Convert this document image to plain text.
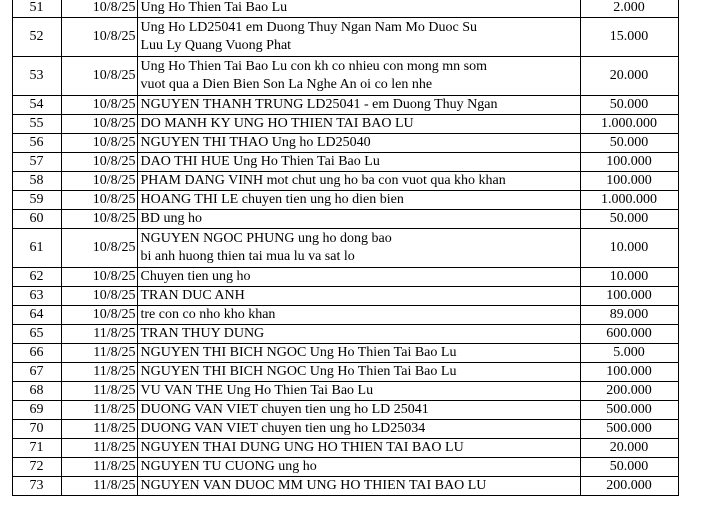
	51	10/8/25	Ung Ho Thien Tai Bao Lu	2.000	
	52	10/8/25	Ung Ho LD25041 em Duong Thuy Ngan Nam Mo Duoc Su
Luu Ly Quang Vuong Phat	15.000	
	53	10/8/25	Ung Ho Thien Tai Bao Lu con kh co nhieu con mong mn som
vuot qua a Dien Bien Son La Nghe An oi co len nhe	20.000	
	54	10/8/25	NGUYEN THANH TRUNG LD25041 - em Duong Thuy Ngan	50.000	
	55	10/8/25	DO MANH KY UNG HO THIEN TAI BAO LU	1.000.000	
	56	10/8/25	NGUYEN THI THAO Ung ho LD25040	50.000	
	57	10/8/25	DAO THI HUE Ung Ho Thien Tai Bao Lu	100.000	
	58	10/8/25	PHAM DANG VINH mot chut ung ho ba con vuot qua kho khan	100.000	
	59	10/8/25	HOANG THI LE chuyen tien ung ho dien bien	1.000.000	
	60	10/8/25	BD ung ho	50.000	
	61	10/8/25	NGUYEN NGOC PHUNG ung ho dong bao
bi anh huong thien tai mua lu va sat lo	10.000	
	62	10/8/25	Chuyen tien ung ho	10.000	
	63	10/8/25	TRAN DUC ANH	100.000	
	64	10/8/25	tre con co nho kho khan	89.000	
	65	11/8/25	TRAN THUY DUNG	600.000	
	66	11/8/25	NGUYEN THI BICH NGOC Ung Ho Thien Tai Bao Lu	5.000	
	67	11/8/25	NGUYEN THI BICH NGOC Ung Ho Thien Tai Bao Lu	100.000	
	68	11/8/25	VU VAN THE Ung Ho Thien Tai Bao Lu	200.000	
	69	11/8/25	DUONG VAN VIET chuyen tien ung ho LD 25041	500.000	
	70	11/8/25	DUONG VAN VIET chuyen tien ung ho LD25034	500.000	
	71	11/8/25	NGUYEN THAI DUNG UNG HO THIEN TAI BAO LU	20.000	
	72	11/8/25	NGUYEN TU CUONG ung ho	50.000	
	73	11/8/25	NGUYEN VAN DUOC MM UNG HO THIEN TAI BAO LU	200.000	
